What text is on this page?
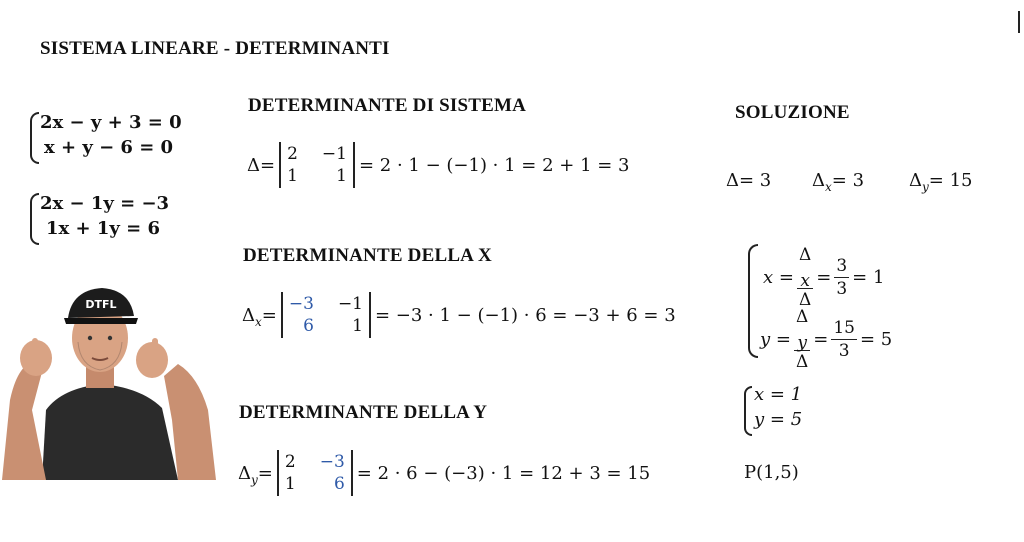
SISTEMA LINEARE - DETERMINANTI
2x − y + 3 = 0
x + y − 6 = 0
2x − 1y = −3
1x + 1y = 6
DETERMINANTE DI SISTEMA
Δ=
2	−1
1	1
= 2 · 1 − (−1) · 1 = 2 + 1 = 3
DETERMINANTE DELLA X
$\Delta_x=$
−3	−1
6	1
= −3 · 1 − (−1) · 6 = −3 + 6 = 3
DETERMINANTE DELLA Y
$\Delta_y=$
2	−3
1	6
= 2 · 6 − (−3) · 1 = 12 + 3 = 15
SOLUZIONE
Δ= 3 $\Delta_x= 3$ $\Delta_y= 15$
x = Δ
x
$\Delta = \frac{3}{3} = 1$
y = Δ
y
$\Delta = \frac{15}{3} = 5$
x = 1
y = 5
P(1,5)
DTFL
